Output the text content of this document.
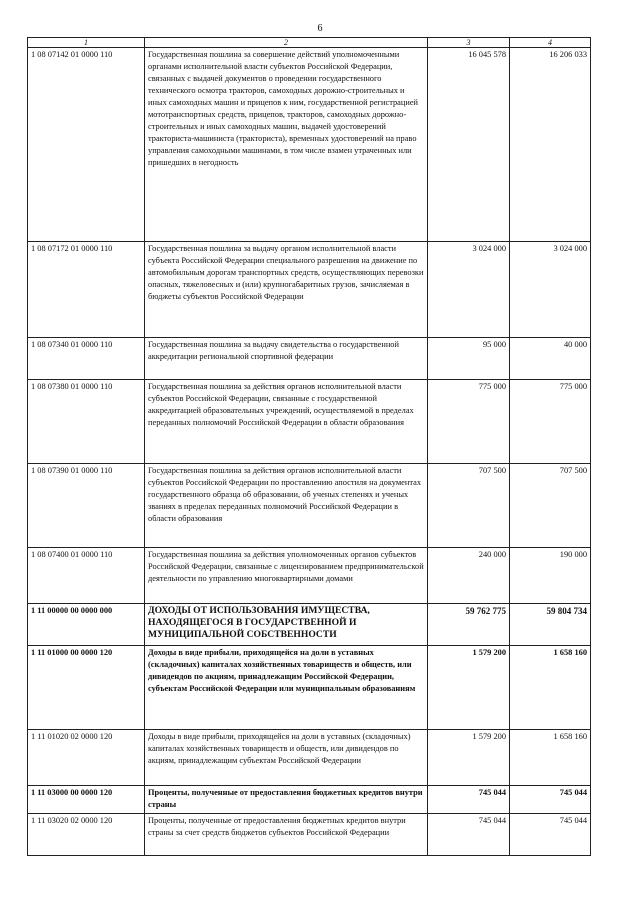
6
1	2	3	4
1 08 07142 01 0000 110	Государственная пошлина за совершение действий уполномоченными органами исполнительной власти субъектов Российской Федерации, связанных с выдачей документов о проведении государственного технического осмотра тракторов, самоходных дорожно-строительных и иных самоходных машин и прицепов к ним, государственной регистрацией мототранспортных средств, прицепов, тракторов, самоходных дорожно-строительных и иных самоходных машин, выдачей удостоверений тракториста-машиниста (тракториста), временных удостоверений на право управления самоходными машинами, в том числе взамен утраченных или пришедших в негодность	16 045 578	16 206 033
1 08 07172 01 0000 110	Государственная пошлина за выдачу органом исполнительной власти субъекта Российской Федерации специального разрешения на движение по автомобильным дорогам транспортных средств, осуществляющих перевозки опасных, тяжеловесных и (или) крупногабаритных грузов, зачисляемая в бюджеты субъектов Российской Федерации	3 024 000	3 024 000
1 08 07340 01 0000 110	Государственная пошлина за выдачу свидетельства о государственной аккредитации региональной спортивной федерации	95 000	40 000
1 08 07380 01 0000 110	Государственная пошлина за действия органов исполнительной власти субъектов Российской Федерации, связанные с государственной аккредитацией образовательных учреждений, осуществляемой в пределах переданных полномочий Российской Федерации в области образования	775 000	775 000
1 08 07390 01 0000 110	Государственная пошлина за действия органов исполнительной власти субъектов Российской Федерации по проставлению апостиля на документах государственного образца об образовании, об ученых степенях и ученых званиях в пределах переданных полномочий Российской Федерации в области образования	707 500	707 500
1 08 07400 01 0000 110	Государственная пошлина за действия уполномоченных органов субъектов Российской Федерации, связанные с лицензированием предпринимательской деятельности по управлению многоквартирными домами	240 000	190 000
1 11 00000 00 0000 000	ДОХОДЫ ОТ ИСПОЛЬЗОВАНИЯ ИМУЩЕСТВА, НАХОДЯЩЕГОСЯ В ГОСУДАРСТВЕННОЙ И МУНИЦИПАЛЬНОЙ СОБСТВЕННОСТИ	59 762 775	59 804 734
1 11 01000 00 0000 120	Доходы в виде прибыли, приходящейся на доли в уставных (складочных) капиталах хозяйственных товариществ и обществ, или дивидендов по акциям, принадлежащим Российской Федерации, субъектам Российской Федерации или муниципальным образованиям	1 579 200	1 658 160
1 11 01020 02 0000 120	Доходы в виде прибыли, приходящейся на доли в уставных (складочных) капиталах хозяйственных товариществ и обществ, или дивидендов по акциям, принадлежащим субъектам Российской Федерации	1 579 200	1 658 160
1 11 03000 00 0000 120	Проценты, полученные от предоставления бюджетных кредитов внутри страны	745 044	745 044
1 11 03020 02 0000 120	Проценты, полученные от предоставления бюджетных кредитов внутри страны за счет средств бюджетов субъектов Российской Федерации	745 044	745 044
